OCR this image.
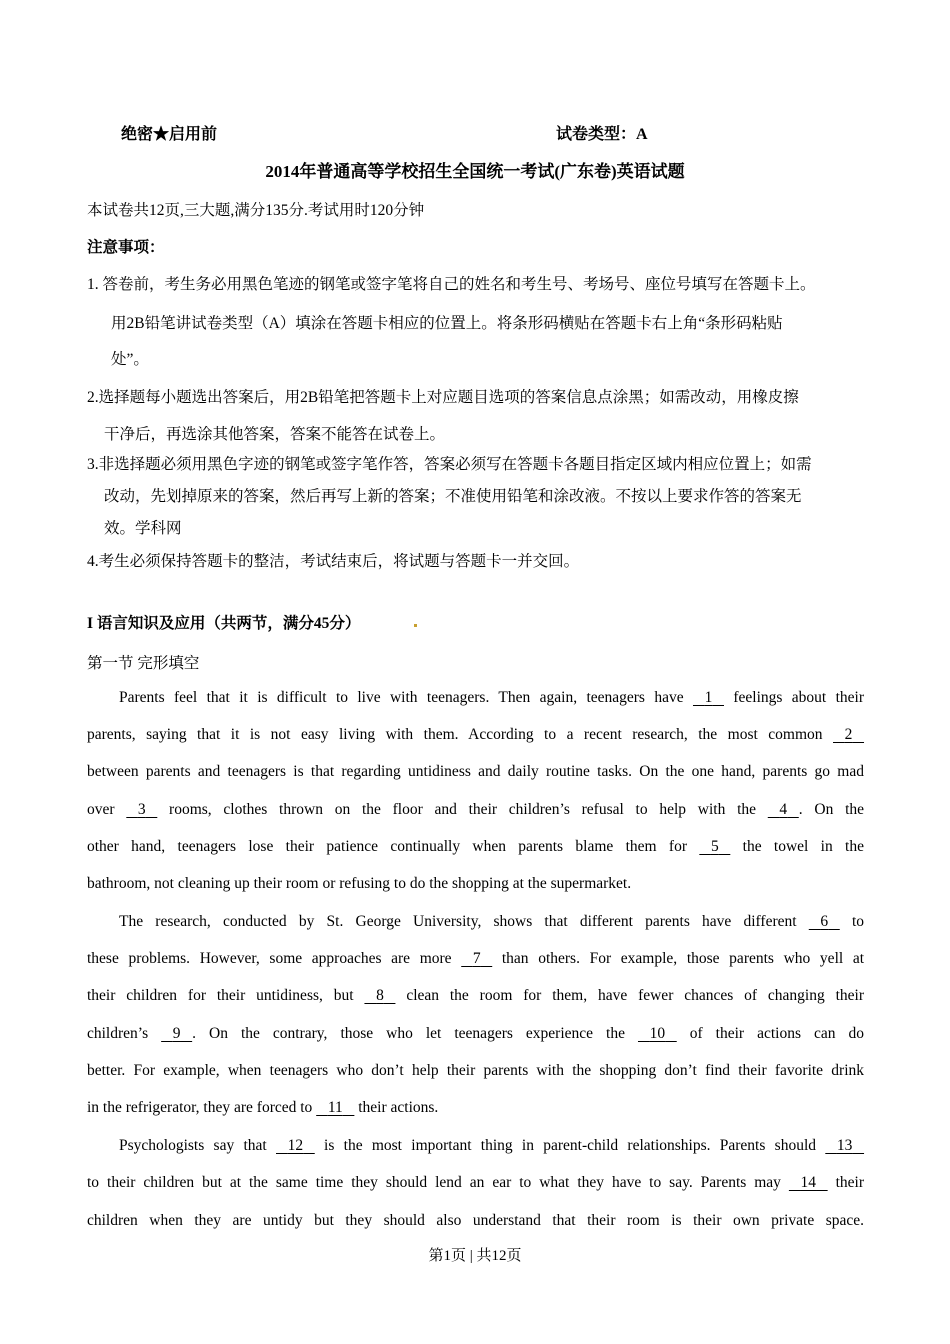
绝密★启用前	试卷类型：A
2014年普通高等学校招生全国统一考试(广东卷)英语试题
本试卷共12页,三大题,满分135分.考试用时120分钟
注意事项：
1. 答卷前，考生务必用黑色笔迹的钢笔或签字笔将自己的姓名和考生号、考场号、座位号填写在答题卡上。
用2B铅笔讲试卷类型（A）填涂在答题卡相应的位置上。将条形码横贴在答题卡右上角“条形码粘贴
处”。
2.选择题每小题选出答案后，用2B铅笔把答题卡上对应题目选项的答案信息点涂黑；如需改动，用橡皮擦
干净后，再选涂其他答案，答案不能答在试卷上。
3.非选择题必须用黑色字迹的钢笔或签字笔作答，答案必须写在答题卡各题目指定区域内相应位置上；如需
改动，先划掉原来的答案，然后再写上新的答案；不准使用铅笔和涂改液。不按以上要求作答的答案无
效。学科网
4.考生必须保持答题卡的整洁，考试结束后，将试题与答题卡一并交回。
I 语言知识及应用（共两节，满分45分）
第一节 完形填空
Parents feel that it is difficult to live with teenagers. Then again, teenagers have 1 feelings about their
parents, saying that it is not easy living with them. According to a recent research, the most common 2
between parents and teenagers is that regarding untidiness and daily routine tasks. On the one hand, parents go mad
over 3 rooms, clothes thrown on the floor and their children’s refusal to help with the 4 . On the
other hand, teenagers lose their patience continually when parents blame them for 5 the towel in the
bathroom, not cleaning up their room or refusing to do the shopping at the supermarket.
The research, conducted by St. George University, shows that different parents have different 6 to
these problems. However, some approaches are more 7 than others. For example, those parents who yell at
their children for their untidiness, but 8 clean the room for them, have fewer chances of changing their
children’s 9 . On the contrary, those who let teenagers experience the 10 of their actions can do
better. For example, when teenagers who don’t help their parents with the shopping don’t find their favorite drink
in the refrigerator, they are forced to 11 their actions.
Psychologists say that 12 is the most important thing in parent-child relationships. Parents should 13
to their children but at the same time they should lend an ear to what they have to say. Parents may 14 their
children when they are untidy but they should also understand that their room is their own private space.
第1页 | 共12页
